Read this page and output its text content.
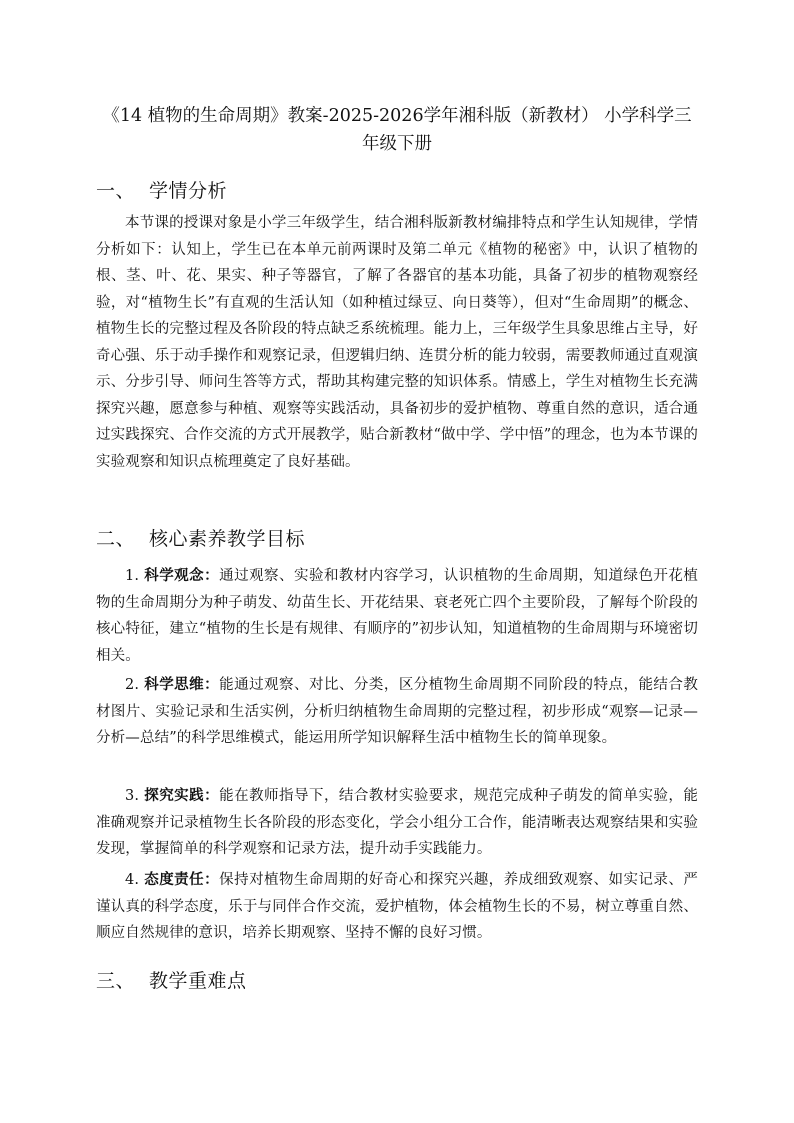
《14 植物的生命周期》教案-2025-2026学年湘科版（新教材） 小学科学三年级下册
一、 学情分析

本节课的授课对象是小学三年级学生，结合湘科版新教材编排特点和学生认知规律，学情分析如下：认知上，学生已在本单元前两课时及第二单元《植物的秘密》中，认识了植物的根、茎、叶、花、果实、种子等器官，了解了各器官的基本功能，具备了初步的植物观察经验，对“植物生长”有直观的生活认知（如种植过绿豆、向日葵等），但对“生命周期”的概念、植物生长的完整过程及各阶段的特点缺乏系统梳理。能力上，三年级学生具象思维占主导，好奇心强、乐于动手操作和观察记录，但逻辑归纳、连贯分析的能力较弱，需要教师通过直观演示、分步引导、师问生答等方式，帮助其构建完整的知识体系。情感上，学生对植物生长充满探究兴趣，愿意参与种植、观察等实践活动，具备初步的爱护植物、尊重自然的意识，适合通过实践探究、合作交流的方式开展教学，贴合新教材“做中学、学中悟”的理念，也为本节课的实验观察和知识点梳理奠定了良好基础。

二、 核心素养教学目标

1. 科学观念：通过观察、实验和教材内容学习，认识植物的生命周期，知道绿色开花植物的生命周期分为种子萌发、幼苗生长、开花结果、衰老死亡四个主要阶段，了解每个阶段的核心特征，建立“植物的生长是有规律、有顺序的”初步认知，知道植物的生命周期与环境密切相关。

2. 科学思维：能通过观察、对比、分类，区分植物生命周期不同阶段的特点，能结合教材图片、实验记录和生活实例，分析归纳植物生命周期的完整过程，初步形成“观察—记录—分析—总结”的科学思维模式，能运用所学知识解释生活中植物生长的简单现象。

3. 探究实践：能在教师指导下，结合教材实验要求，规范完成种子萌发的简单实验，能准确观察并记录植物生长各阶段的形态变化，学会小组分工合作，能清晰表达观察结果和实验发现，掌握简单的科学观察和记录方法，提升动手实践能力。

4. 态度责任：保持对植物生命周期的好奇心和探究兴趣，养成细致观察、如实记录、严谨认真的科学态度，乐于与同伴合作交流，爱护植物，体会植物生长的不易，树立尊重自然、顺应自然规律的意识，培养长期观察、坚持不懈的良好习惯。

三、 教学重难点
